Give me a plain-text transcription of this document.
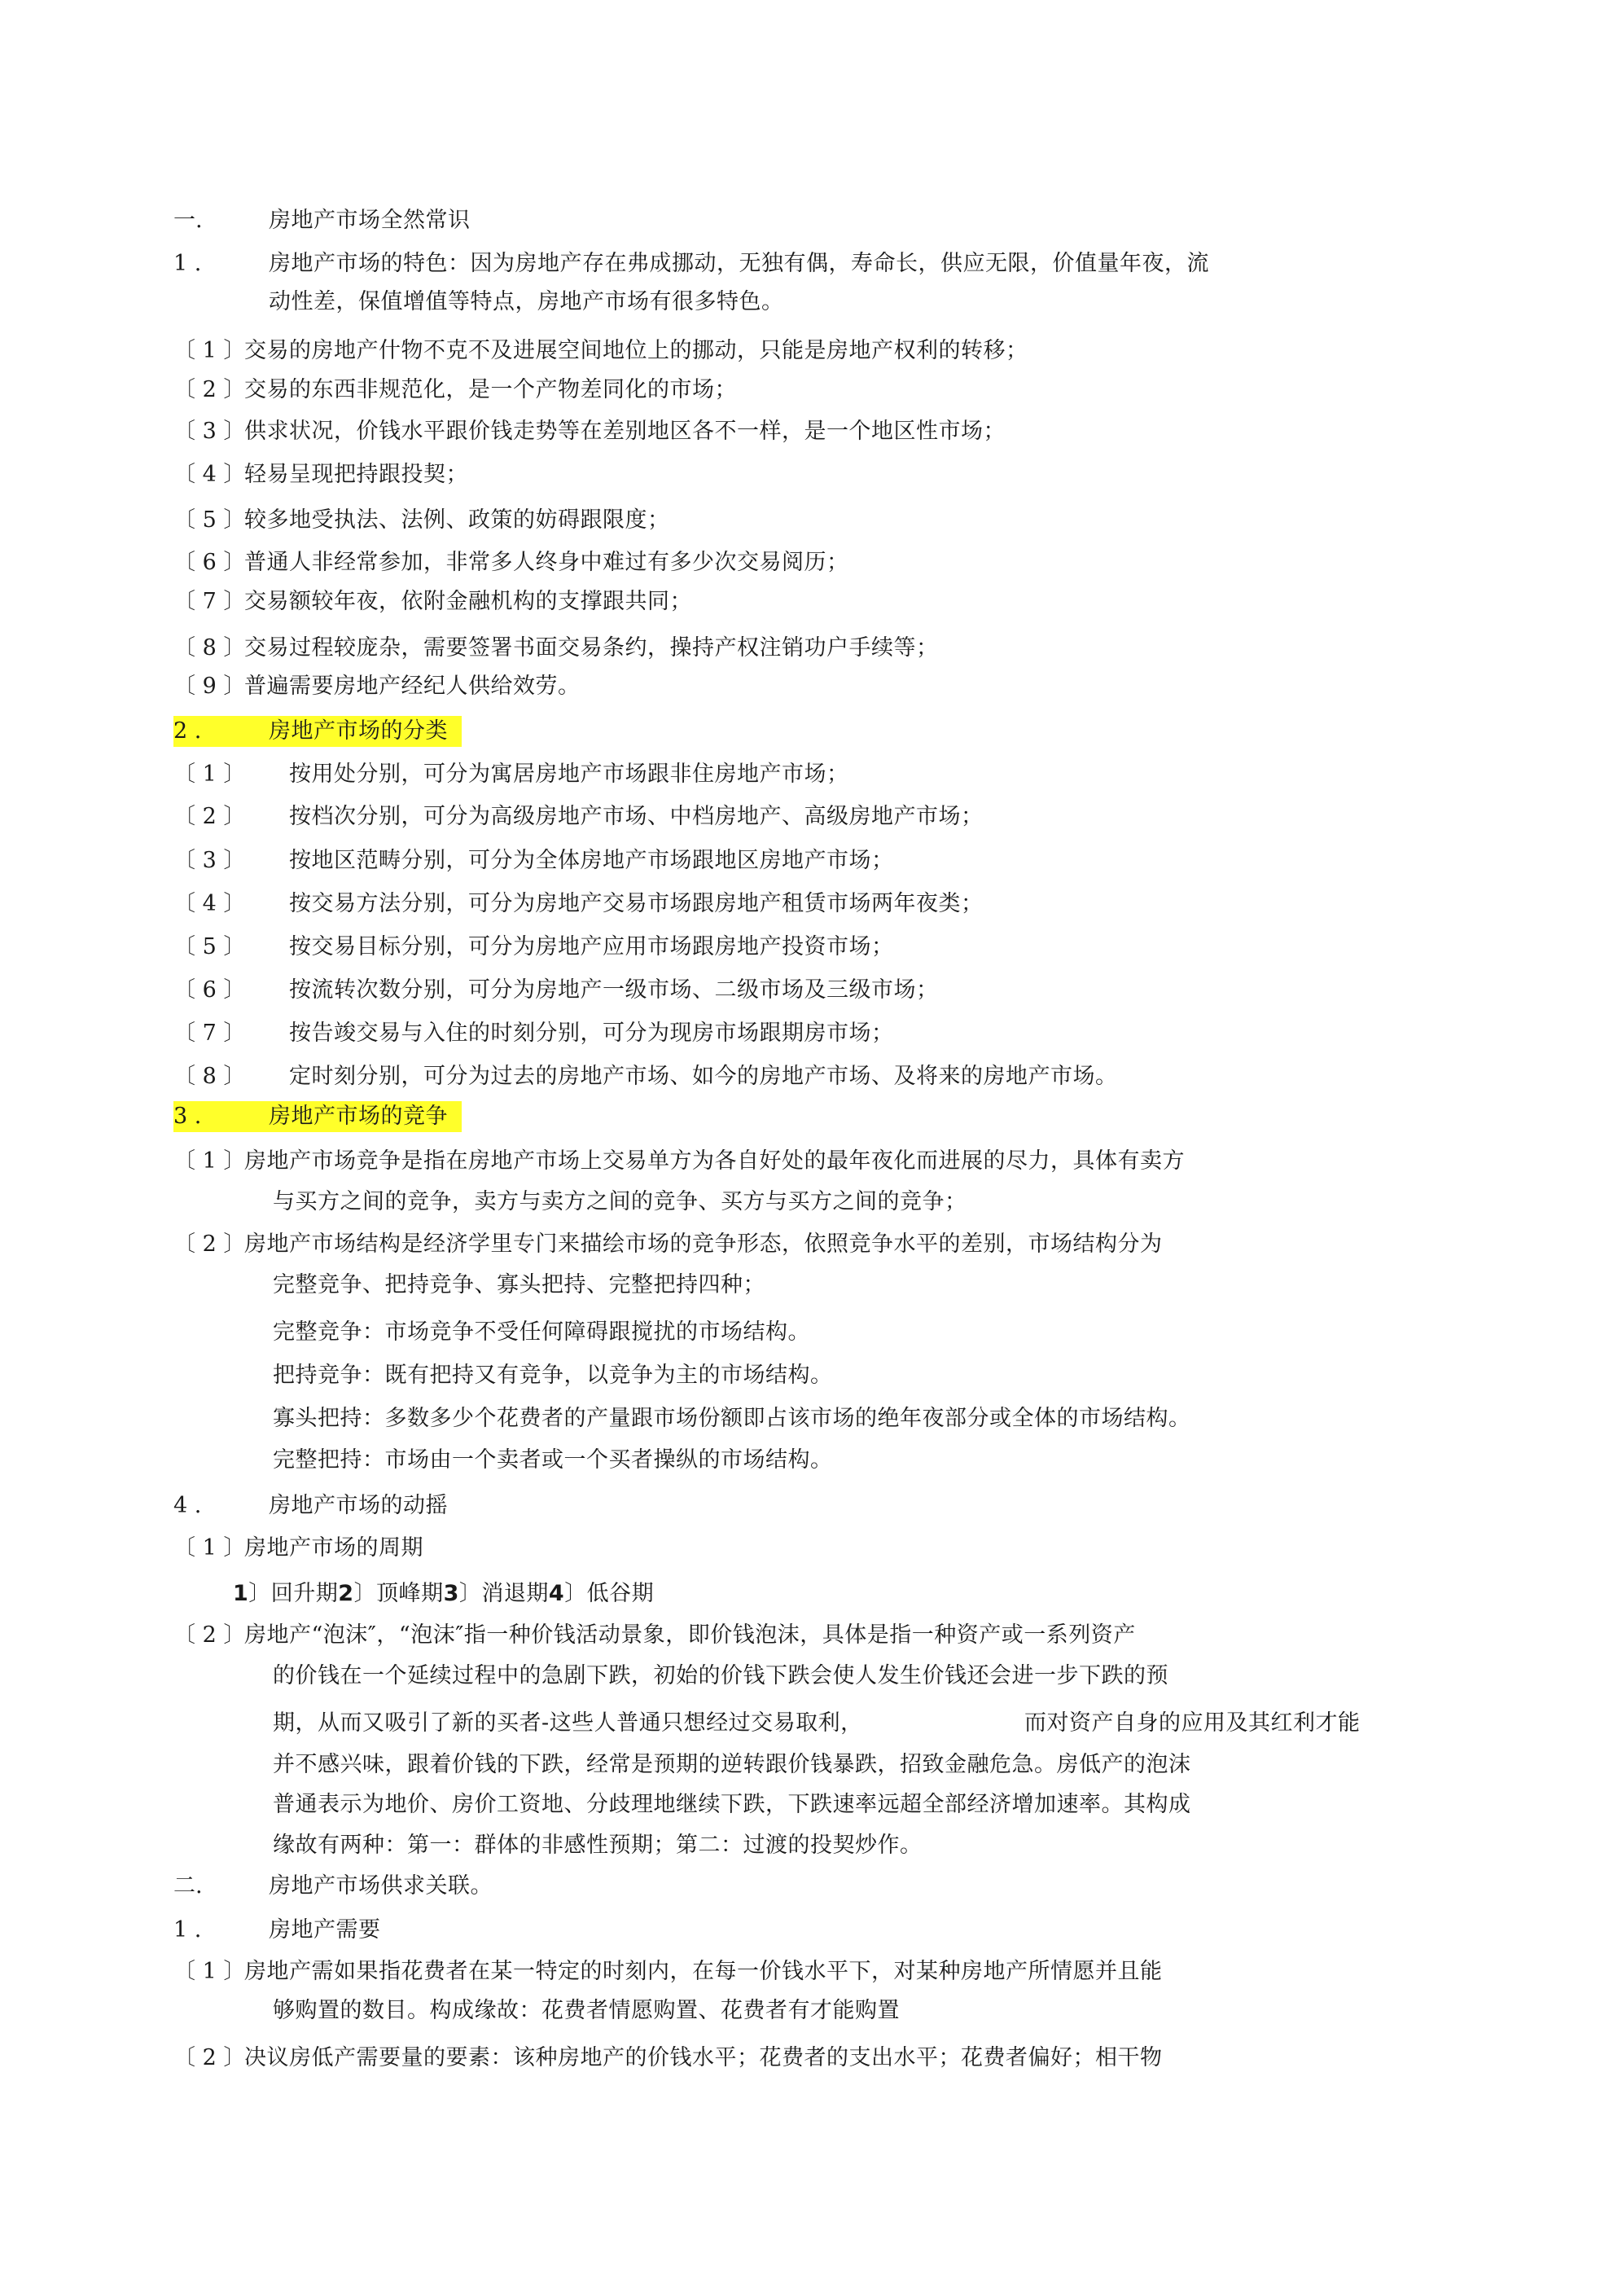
一.	房地产市场全然常识
1 .	房地产市场的特色：因为房地产存在弗成挪动，无独有偶，寿命长，供应无限，价值量年夜，流
动性差，保值增值等特点，房地产市场有很多特色。
〔 1 〕
交易的房地产什物不克不及进展空间地位上的挪动，只能是房地产权利的转移；
〔 2 〕
交易的东西非规范化，是一个产物差同化的市场；
〔 3 〕
供求状况，价钱水平跟价钱走势等在差别地区各不一样，是一个地区性市场；
〔 4 〕
轻易呈现把持跟投契；
〔 5 〕
较多地受执法、法例、政策的妨碍跟限度；
〔 6 〕
普通人非经常参加，非常多人终身中难过有多少次交易阅历；
〔 7 〕
交易额较年夜，依附金融机构的支撑跟共同；
〔 8 〕
交易过程较庞杂，需要签署书面交易条约，操持产权注销功户手续等；
〔 9 〕
普遍需要房地产经纪人供给效劳。
2 .	房地产市场的分类
〔 1 〕 按用处分别，可分为寓居房地产市场跟非住房地产市场；
〔 2 〕 按档次分别，可分为高级房地产市场、中档房地产、高级房地产市场；
〔 3 〕 按地区范畴分别，可分为全体房地产市场跟地区房地产市场；
〔 4 〕 按交易方法分别，可分为房地产交易市场跟房地产租赁市场两年夜类；
〔 5 〕 按交易目标分别，可分为房地产应用市场跟房地产投资市场；
〔 6 〕 按流转次数分别，可分为房地产一级市场、二级市场及三级市场；
〔 7 〕 按告竣交易与入住的时刻分别，可分为现房市场跟期房市场；
〔 8 〕 定时刻分别，可分为过去的房地产市场、如今的房地产市场、及将来的房地产市场。
3 .	房地产市场的竞争
〔 1 〕
房地产市场竞争是指在房地产市场上交易单方为各自好处的最年夜化而进展的尽力，具体有卖方
与买方之间的竞争，卖方与卖方之间的竞争、买方与买方之间的竞争；
〔 2 〕
房地产市场结构是经济学里专门来描绘市场的竞争形态，依照竞争水平的差别，市场结构分为
完整竞争、把持竞争、寡头把持、完整把持四种；
完整竞争：市场竞争不受任何障碍跟搅扰的市场结构。
把持竞争：既有把持又有竞争，以竞争为主的市场结构。
寡头把持：多数多少个花费者的产量跟市场份额即占该市场的绝年夜部分或全体的市场结构。
完整把持：市场由一个卖者或一个买者操纵的市场结构。
4 .	房地产市场的动摇
〔 1 〕
房地产市场的周期
1〕回升期2〕顶峰期3〕消退期4〕低谷期
〔 2 〕
房地产“泡沫″，“泡沫″指一种价钱活动景象，即价钱泡沫，具体是指一种资产或一系列资产
的价钱在一个延续过程中的急剧下跌，初始的价钱下跌会使人发生价钱还会进一步下跌的预
期，从而又吸引了新的买者-这些人普通只想经过交易取利，	而对资产自身的应用及其红利才能
并不感兴味，跟着价钱的下跌，经常是预期的逆转跟价钱暴跌，招致金融危急。房低产的泡沫
普通表示为地价、房价工资地、分歧理地继续下跌，下跌速率远超全部经济增加速率。其构成
缘故有两种：第一：群体的非感性预期；第二：过渡的投契炒作。
二.	房地产市场供求关联。
1 .	房地产需要
〔 1 〕
房地产需如果指花费者在某一特定的时刻内，在每一价钱水平下，对某种房地产所情愿并且能
够购置的数目。构成缘故：花费者情愿购置、花费者有才能购置
〔 2 〕
决议房低产需要量的要素：该种房地产的价钱水平；花费者的支出水平；花费者偏好；相干物
